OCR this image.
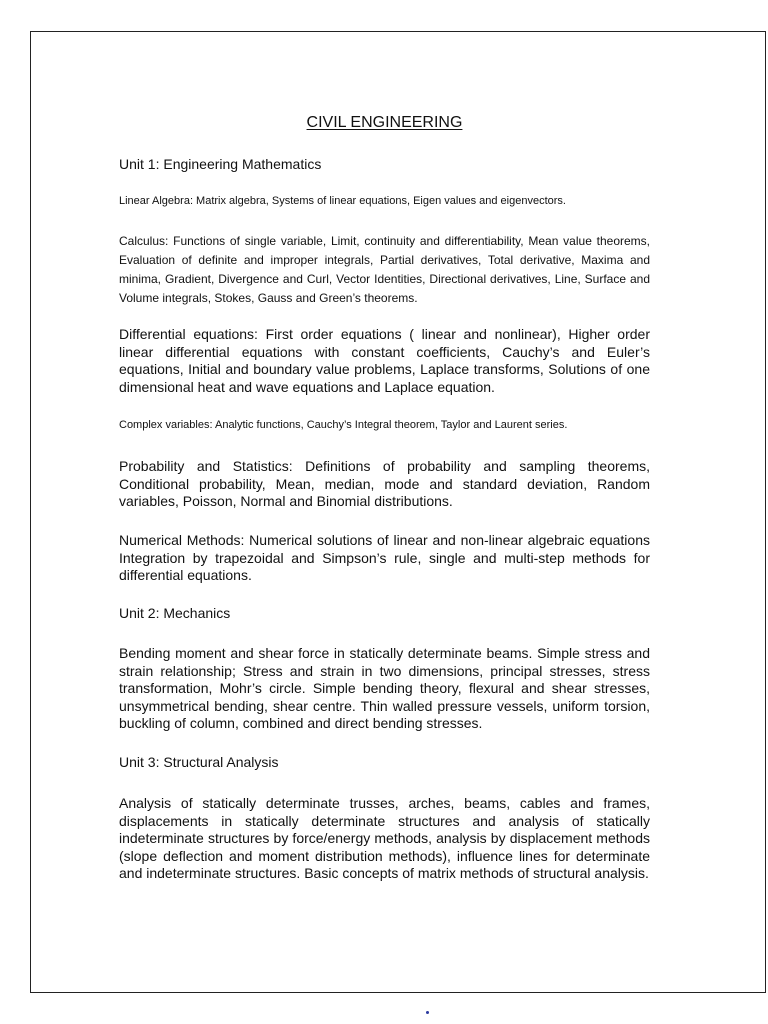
CIVIL ENGINEERING
Unit 1: Engineering Mathematics

Linear Algebra: Matrix algebra, Systems of linear equations, Eigen values and eigenvectors.

Calculus: Functions of single variable, Limit, continuity and differentiability, Mean value theorems, Evaluation of definite and improper integrals, Partial derivatives, Total derivative, Maxima and minima, Gradient, Divergence and Curl, Vector Identities, Directional derivatives, Line, Surface and Volume integrals, Stokes, Gauss and Green’s theorems.

Differential equations: First order equations ( linear and nonlinear), Higher order linear differential equations with constant coefficients, Cauchy’s and Euler’s equations, Initial and boundary value problems, Laplace transforms, Solutions of one dimensional heat and wave equations and Laplace equation.

Complex variables: Analytic functions, Cauchy’s Integral theorem, Taylor and Laurent series.

Probability and Statistics: Definitions of probability and sampling theorems, Conditional probability, Mean, median, mode and standard deviation, Random variables, Poisson, Normal and Binomial distributions.

Numerical Methods: Numerical solutions of linear and non-linear algebraic equations Integration by trapezoidal and Simpson’s rule, single and multi-step methods for differential equations.

Unit 2: Mechanics

Bending moment and shear force in statically determinate beams. Simple stress and strain relationship; Stress and strain in two dimensions, principal stresses, stress transformation, Mohr’s circle. Simple bending theory, flexural and shear stresses, unsymmetrical bending, shear centre. Thin walled pressure vessels, uniform torsion, buckling of column, combined and direct bending stresses.

Unit 3: Structural Analysis

Analysis of statically determinate trusses, arches, beams, cables and frames, displacements in statically determinate structures and analysis of statically indeterminate structures by force/energy methods, analysis by displacement methods (slope deflection and moment distribution methods), influence lines for determinate and indeterminate structures. Basic concepts of matrix methods of structural analysis.
